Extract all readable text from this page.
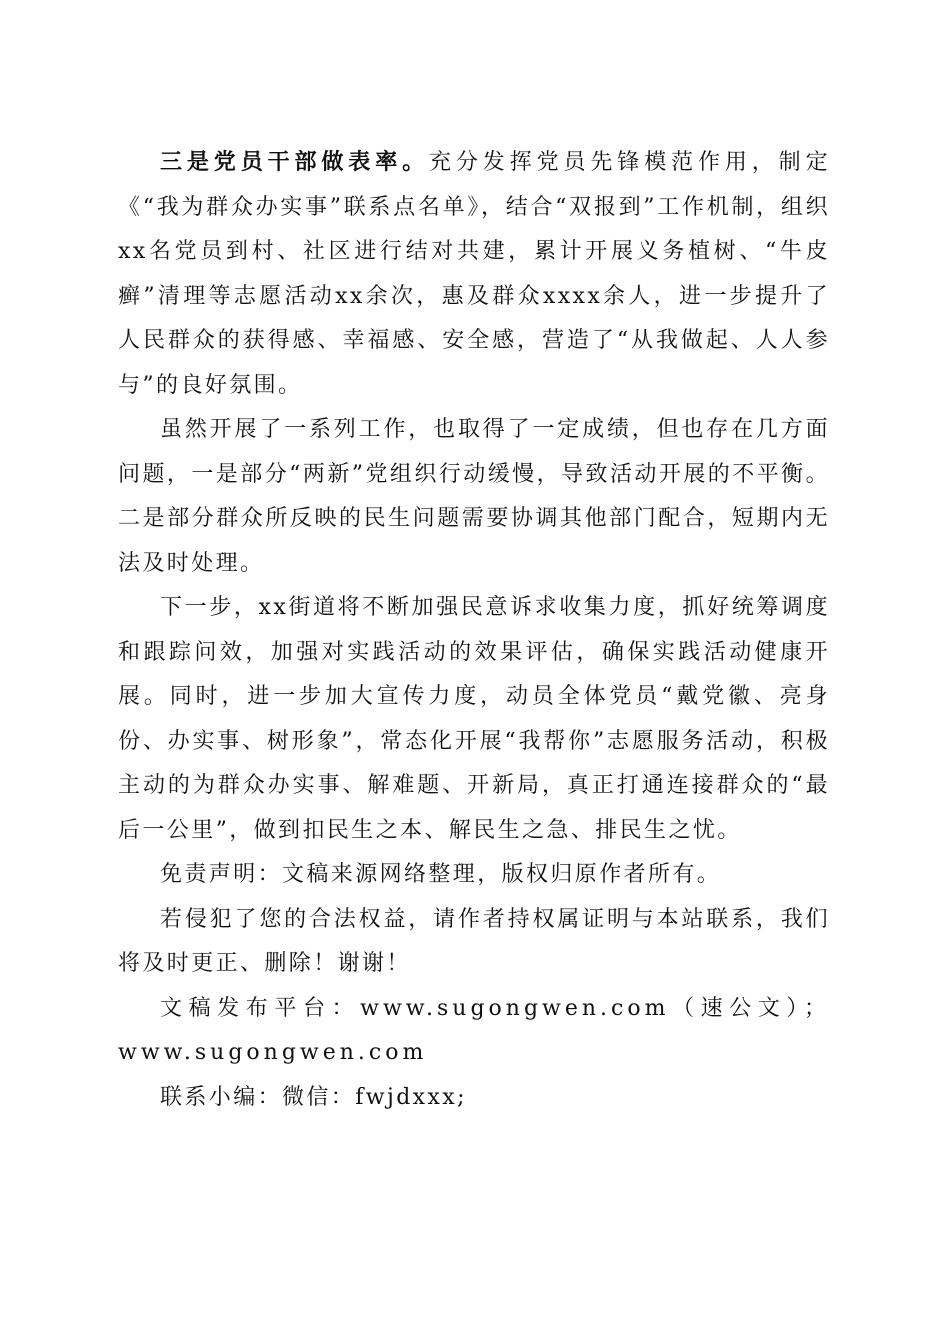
三是党员干部做表率。充分发挥党员先锋模范作用，制定《“我为群众办实事”联系点名单》，结合“双报到”工作机制，组织xx名党员到村、社区进行结对共建，累计开展义务植树、“牛皮癣”清理等志愿活动xx余次，惠及群众xxxx余人，进一步提升了人民群众的获得感、幸福感、安全感，营造了“从我做起、人人参与”的良好氛围。

虽然开展了一系列工作，也取得了一定成绩，但也存在几方面问题，一是部分“两新”党组织行动缓慢，导致活动开展的不平衡。二是部分群众所反映的民生问题需要协调其他部门配合，短期内无法及时处理。

下一步，xx街道将不断加强民意诉求收集力度，抓好统筹调度和跟踪问效，加强对实践活动的效果评估，确保实践活动健康开展。同时，进一步加大宣传力度，动员全体党员“戴党徽、亮身份、办实事、树形象”，常态化开展“我帮你”志愿服务活动，积极主动的为群众办实事、解难题、开新局，真正打通连接群众的“最后一公里”，做到扣民生之本、解民生之急、排民生之忧。

免责声明：文稿来源网络整理，版权归原作者所有。

若侵犯了您的合法权益，请作者持权属证明与本站联系，我们将及时更正、删除！谢谢！

文稿发布平台：www.sugongwen.com（速公文）；www.sugongwen.com

联系小编：微信：fwjdxxx;
